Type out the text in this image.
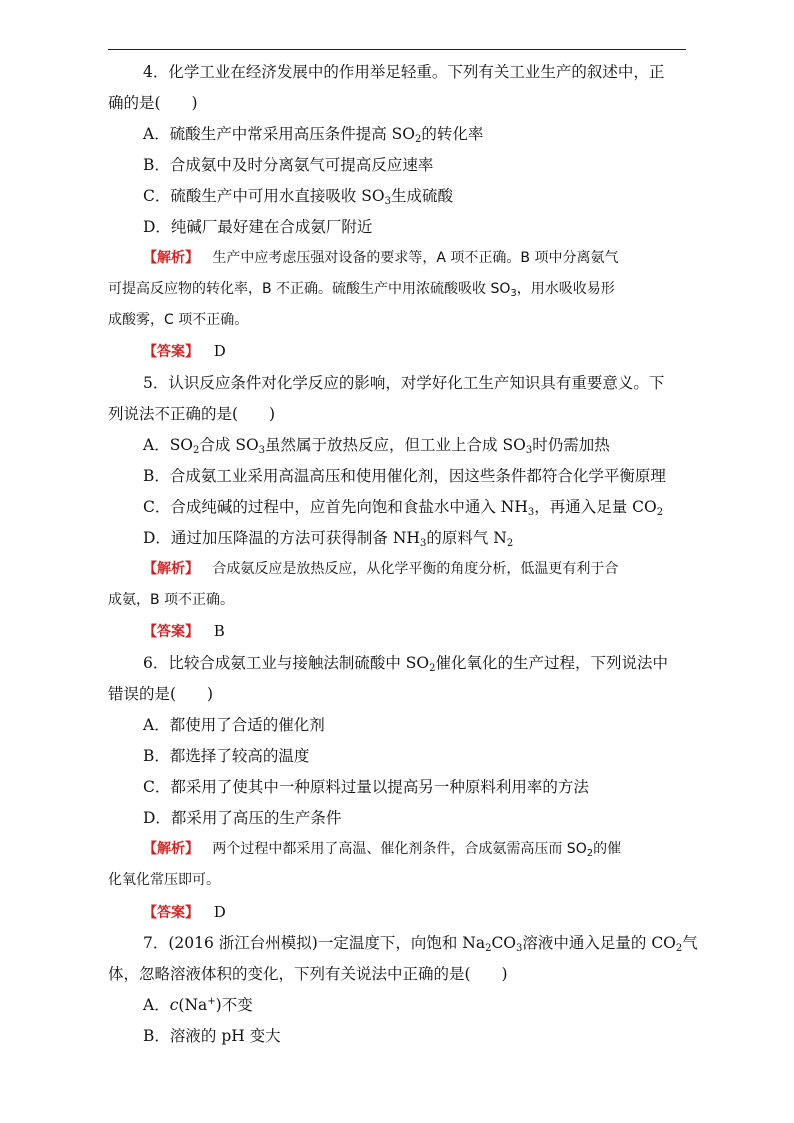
4．化学工业在经济发展中的作用举足轻重。下列有关工业生产的叙述中，正
确的是(　　)
A．硫酸生产中常采用高压条件提高 $SO_2$的转化率
B．合成氨中及时分离氨气可提高反应速率
C．硫酸生产中可用水直接吸收 $SO_3$生成硫酸
D．纯碱厂最好建在合成氨厂附近
【解析】 生产中应考虑压强对设备的要求等，A 项不正确。B 项中分离氨气
可提高反应物的转化率，B 不正确。硫酸生产中用浓硫酸吸收 $SO_3$，用水吸收易形
成酸雾，C 项不正确。
【答案】 D
5．认识反应条件对化学反应的影响，对学好化工生产知识具有重要意义。下
列说法不正确的是(　　)
A．$SO_2$合成 $SO_3$虽然属于放热反应，但工业上合成 $SO_3$时仍需加热
B．合成氨工业采用高温高压和使用催化剂，因这些条件都符合化学平衡原理
C．合成纯碱的过程中，应首先向饱和食盐水中通入 $NH_3$，再通入足量 $CO_2$
D．通过加压降温的方法可获得制备 $NH_3$的原料气 $N_2$
【解析】 合成氨反应是放热反应，从化学平衡的角度分析，低温更有利于合
成氨，B 项不正确。
【答案】 B
6．比较合成氨工业与接触法制硫酸中 $SO_2$催化氧化的生产过程，下列说法中
错误的是(　　)
A．都使用了合适的催化剂
B．都选择了较高的温度
C．都采用了使其中一种原料过量以提高另一种原料利用率的方法
D．都采用了高压的生产条件
【解析】 两个过程中都采用了高温、催化剂条件，合成氨需高压而 $SO_2$的催
化氧化常压即可。
【答案】 D
7．(2016 浙江台州模拟)一定温度下，向饱和 $Na_2CO_3$溶液中通入足量的 $CO_2$气
体，忽略溶液体积的变化，下列有关说法中正确的是(　　)
A．c(Na+)不变
B．溶液的 pH 变大
